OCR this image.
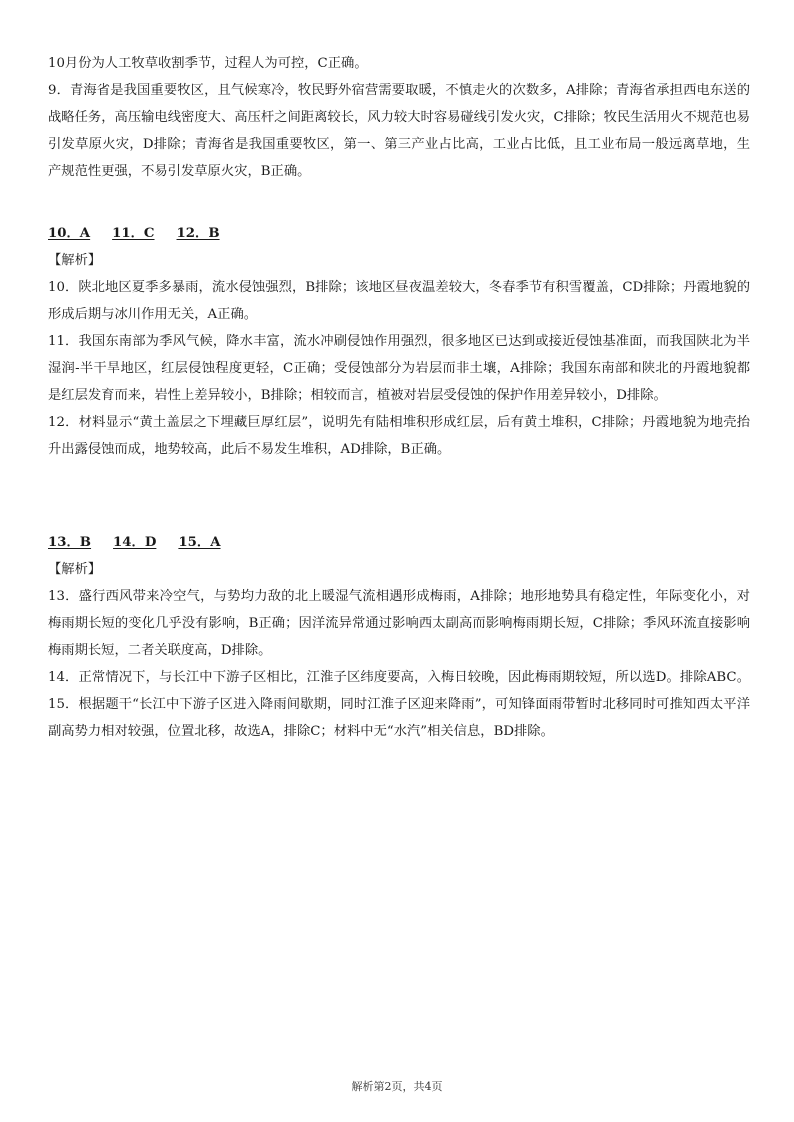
10月份为人工牧草收割季节，过程人为可控，C正确。

9．青海省是我国重要牧区，且气候寒冷，牧民野外宿营需要取暖，不慎走火的次数多，A排除；青海省承担西电东送的战略任务，高压输电线密度大、高压杆之间距离较长，风力较大时容易碰线引发火灾，C排除；牧民生活用火不规范也易引发草原火灾，D排除；青海省是我国重要牧区，第一、第三产业占比高，工业占比低，且工业布局一般远离草地，生产规范性更强，不易引发草原火灾，B正确。

10．A 11．C 12．B

【解析】

10．陕北地区夏季多暴雨，流水侵蚀强烈，B排除；该地区昼夜温差较大，冬春季节有积雪覆盖，CD排除；丹霞地貌的形成后期与冰川作用无关，A正确。

11．我国东南部为季风气候，降水丰富，流水冲刷侵蚀作用强烈，很多地区已达到或接近侵蚀基准面，而我国陕北为半湿润-半干旱地区，红层侵蚀程度更轻，C正确；受侵蚀部分为岩层而非土壤，A排除；我国东南部和陕北的丹霞地貌都是红层发育而来，岩性上差异较小，B排除；相较而言，植被对岩层受侵蚀的保护作用差异较小，D排除。

12．材料显示“黄土盖层之下埋藏巨厚红层”，说明先有陆相堆积形成红层，后有黄土堆积，C排除；丹霞地貌为地壳抬升出露侵蚀而成，地势较高，此后不易发生堆积，AD排除，B正确。

13．B 14．D 15．A

【解析】

13．盛行西风带来冷空气，与势均力敌的北上暖湿气流相遇形成梅雨，A排除；地形地势具有稳定性，年际变化小，对梅雨期长短的变化几乎没有影响，B正确；因洋流异常通过影响西太副高而影响梅雨期长短，C排除；季风环流直接影响梅雨期长短，二者关联度高，D排除。

14．正常情况下，与长江中下游子区相比，江淮子区纬度要高，入梅日较晚，因此梅雨期较短，所以选D。排除ABC。 15．根据题干“长江中下游子区进入降雨间歇期，同时江淮子区迎来降雨”，可知锋面雨带暂时北移同时可推知西太平洋副高势力相对较强，位置北移，故选A，排除C；材料中无“水汽”相关信息，BD排除。

解析第2页，共4页
